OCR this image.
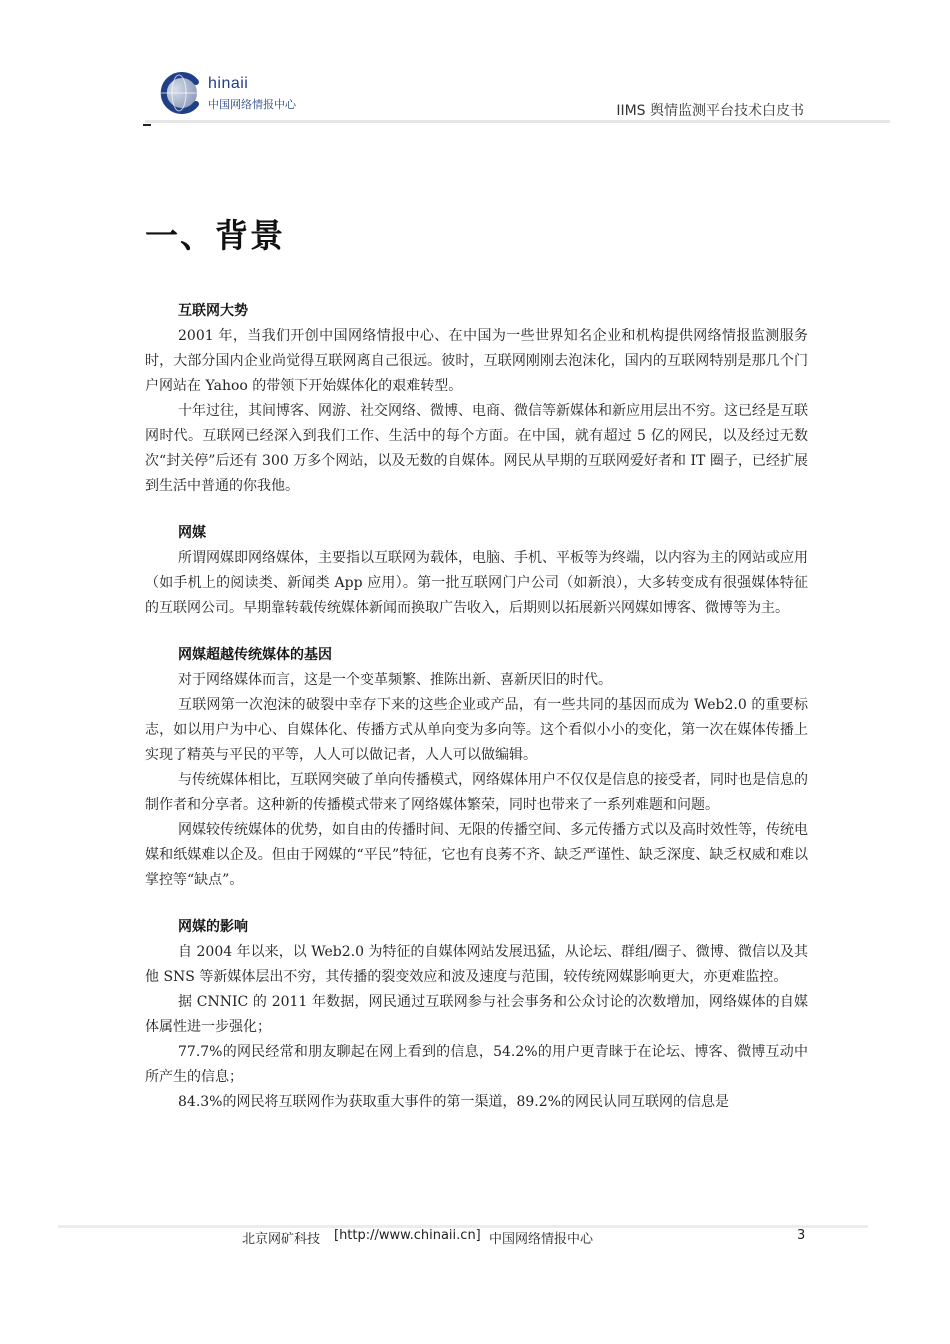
hinaii
中国网络情报中心	IIMS 舆情监测平台技术白皮书
一、背景

互联网大势

2001 年，当我们开创中国网络情报中心、在中国为一些世界知名企业和机构提供网络情报监测服务时，大部分国内企业尚觉得互联网离自己很远。彼时，互联网刚刚去泡沫化，国内的互联网特别是那几个门户网站在 Yahoo 的带领下开始媒体化的艰难转型。

十年过往，其间博客、网游、社交网络、微博、电商、微信等新媒体和新应用层出不穷。这已经是互联网时代。互联网已经深入到我们工作、生活中的每个方面。在中国，就有超过 5 亿的网民，以及经过无数次“封关停”后还有 300 万多个网站，以及无数的自媒体。网民从早期的互联网爱好者和 IT 圈子，已经扩展到生活中普通的你我他。

网媒

所谓网媒即网络媒体，主要指以互联网为载体，电脑、手机、平板等为终端，以内容为主的网站或应用（如手机上的阅读类、新闻类 App 应用）。第一批互联网门户公司（如新浪），大多转变成有很强媒体特征的互联网公司。早期靠转载传统媒体新闻而换取广告收入，后期则以拓展新兴网媒如博客、微博等为主。

网媒超越传统媒体的基因

对于网络媒体而言，这是一个变革频繁、推陈出新、喜新厌旧的时代。

互联网第一次泡沫的破裂中幸存下来的这些企业或产品，有一些共同的基因而成为 Web2.0 的重要标志，如以用户为中心、自媒体化、传播方式从单向变为多向等。这个看似小小的变化，第一次在媒体传播上实现了精英与平民的平等，人人可以做记者，人人可以做编辑。

与传统媒体相比，互联网突破了单向传播模式，网络媒体用户不仅仅是信息的接受者，同时也是信息的制作者和分享者。这种新的传播模式带来了网络媒体繁荣，同时也带来了一系列难题和问题。

网媒较传统媒体的优势，如自由的传播时间、无限的传播空间、多元传播方式以及高时效性等，传统电媒和纸媒难以企及。但由于网媒的“平民”特征，它也有良莠不齐、缺乏严谨性、缺乏深度、缺乏权威和难以掌控等“缺点”。

网媒的影响

自 2004 年以来，以 Web2.0 为特征的自媒体网站发展迅猛，从论坛、群组/圈子、微博、微信以及其他 SNS 等新媒体层出不穷，其传播的裂变效应和波及速度与范围，较传统网媒影响更大，亦更难监控。

据 CNNIC 的 2011 年数据，网民通过互联网参与社会事务和公众讨论的次数增加，网络媒体的自媒体属性进一步强化；

77.7%的网民经常和朋友聊起在网上看到的信息，54.2%的用户更青睐于在论坛、博客、微博互动中所产生的信息；

84.3%的网民将互联网作为获取重大事件的第一渠道，89.2%的网民认同互联网的信息是

北京网矿科技 [http://www.chinaii.cn] 中国网络情报中心	3
